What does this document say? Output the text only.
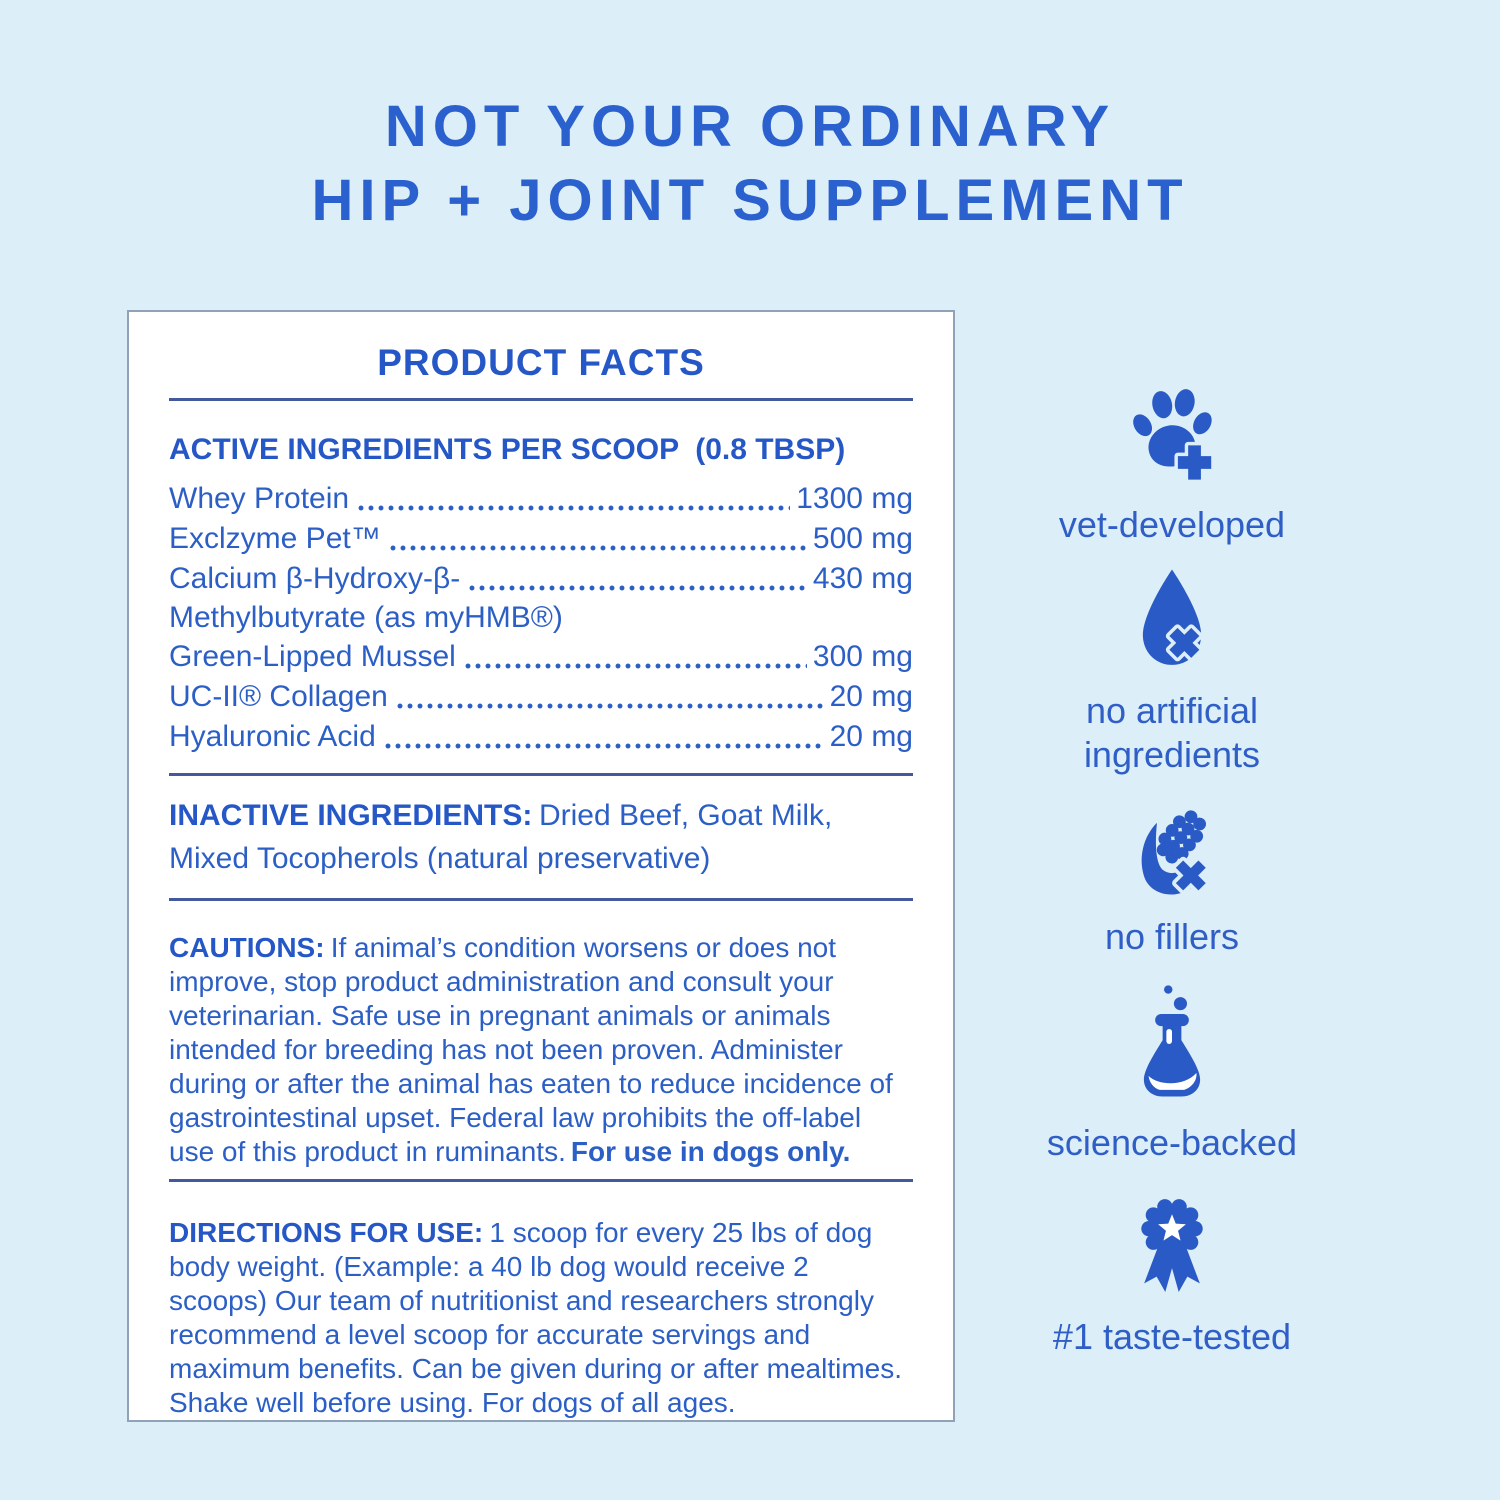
NOT YOUR ORDINARY
HIP + JOINT SUPPLEMENT
PRODUCT FACTS
ACTIVE INGREDIENTS PER SCOOP  (0.8 TBSP)
Whey Protein	1300 mg
Exclzyme Pet™	500 mg
Calcium β-Hydroxy-β-	430 mg
Methylbutyrate (as myHMB®)
Green-Lipped Mussel	300 mg
UC-II® Collagen	20 mg
Hyaluronic Acid	20 mg

INACTIVE INGREDIENTS: Dried Beef, Goat Milk, Mixed Tocopherols (natural preservative)

CAUTIONS: If animal’s condition worsens or does not improve, stop product administration and consult your veterinarian. Safe use in pregnant animals or animals intended for breeding has not been proven. Administer during or after the animal has eaten to reduce incidence of gastrointestinal upset. Federal law prohibits the off-label use of this product in ruminants. For use in dogs only.

DIRECTIONS FOR USE: 1 scoop for every 25 lbs of dog body weight. (Example: a 40 lb dog would receive 2 scoops) Our team of nutritionist and researchers strongly recommend a level scoop for accurate servings and maximum benefits. Can be given during or after mealtimes. Shake well before using. For dogs of all ages.

vet-developed
no artificial ingredients
no fillers
science-backed
#1 taste-tested
